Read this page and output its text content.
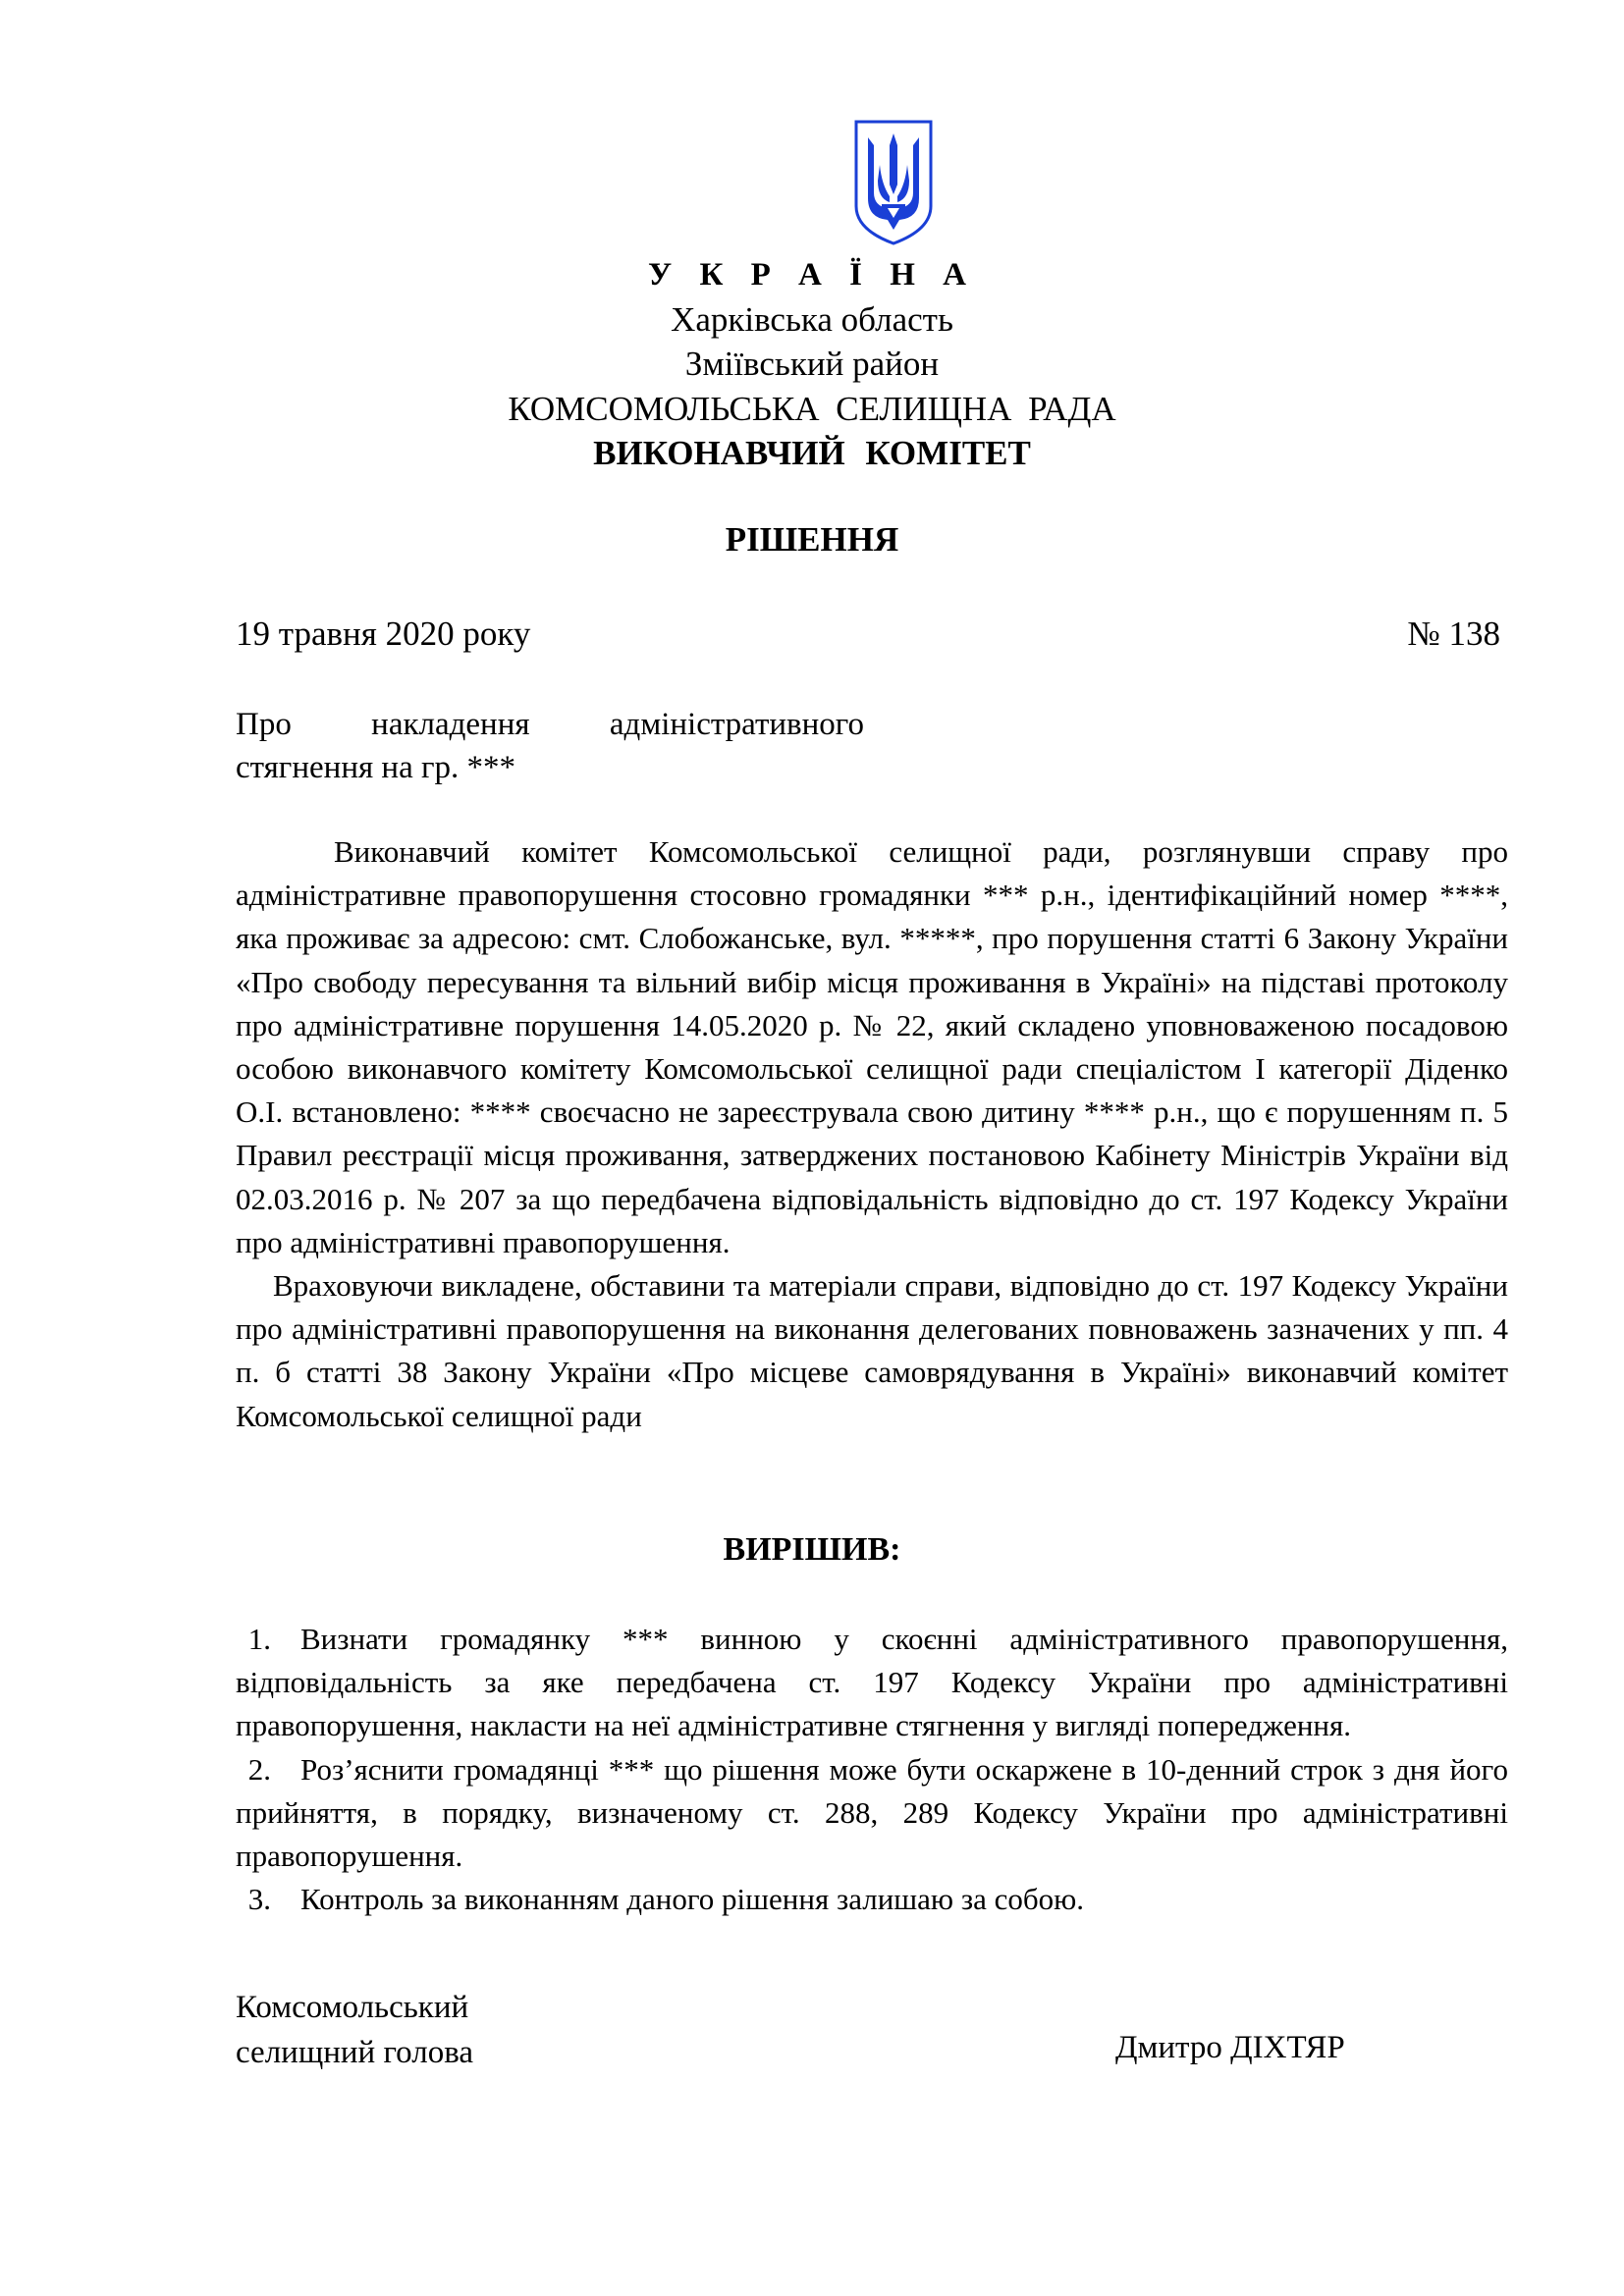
У К Р А Ї Н А
Харківська область
Зміївський район
КОМСОМОЛЬСЬКА СЕЛИЩНА РАДА
ВИКОНАВЧИЙ КОМІТЕТ
РІШЕННЯ
19 травня 2020 року	№ 138
Про накладення адміністративного
стягнення на гр. ***

Виконавчий комітет Комсомольської селищної ради, розглянувши справу про адміністративне правопорушення стосовно громадянки *** р.н., ідентифікаційний номер ****, яка проживає за адресою: смт. Слобожанське, вул. *****, про порушення статті 6 Закону України «Про свободу пересування та вільний вибір місця проживання в Україні» на підставі протоколу про адміністративне порушення 14.05.2020 р. № 22, який складено уповноваженою посадовою особою виконавчого комітету Комсомольської селищної ради спеціалістом І категорії Діденко О.І. встановлено: **** своєчасно не зареєструвала свою дитину **** р.н., що є порушенням п. 5 Правил реєстрації місця проживання, затверджених постановою Кабінету Міністрів України від 02.03.2016 р. № 207 за що передбачена відповідальність відповідно до ст. 197 Кодексу України про адміністративні правопорушення.

Враховуючи викладене, обставини та матеріали справи, відповідно до ст. 197 Кодексу України про адміністративні правопорушення на виконання делегованих повноважень зазначених у пп. 4 п. б статті 38 Закону України «Про місцеве самоврядування в Україні» виконавчий комітет Комсомольської селищної ради

ВИРІШИВ:

1. Визнати громадянку *** винною у скоєнні адміністративного правопорушення, відповідальність за яке передбачена ст. 197 Кодексу України про адміністративні правопорушення, накласти на неї адміністративне стягнення у вигляді попередження.

2. Роз’яснити громадянці *** що рішення може бути оскаржене в 10-денний строк з дня його прийняття, в порядку, визначеному ст. 288, 289 Кодексу України про адміністративні правопорушення.

3. Контроль за виконанням даного рішення залишаю за собою.

Комсомольський
селищний голова	Дмитро ДІХТЯР
